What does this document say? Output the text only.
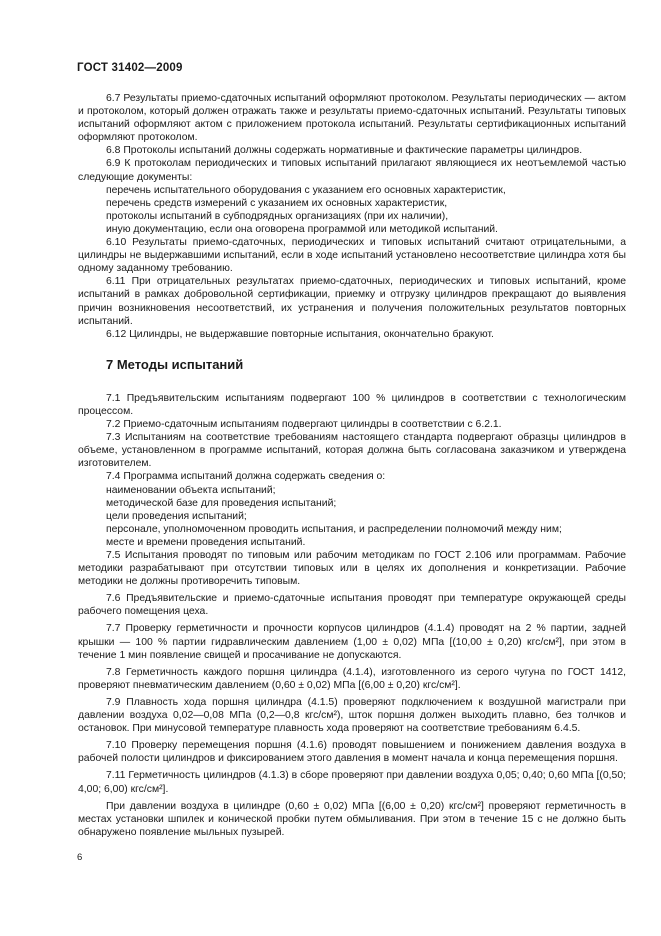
ГОСТ 31402—2009

6.7 Результаты приемо-сдаточных испытаний оформляют протоколом. Результаты периодических — актом и протоколом, который должен отражать также и результаты приемо-сдаточных испытаний. Результаты типовых испытаний оформляют актом с приложением протокола испытаний. Результаты сертификационных испытаний оформляют протоколом.

6.8 Протоколы испытаний должны содержать нормативные и фактические параметры цилиндров.

6.9 К протоколам периодических и типовых испытаний прилагают являющиеся их неотъемлемой частью следующие документы:

перечень испытательного оборудования с указанием его основных характеристик,

перечень средств измерений с указанием их основных характеристик,

протоколы испытаний в субподрядных организациях (при их наличии),

иную документацию, если она оговорена программой или методикой испытаний.

6.10 Результаты приемо-сдаточных, периодических и типовых испытаний считают отрицательными, а цилиндры не выдержавшими испытаний, если в ходе испытаний установлено несоответствие цилиндра хотя бы одному заданному требованию.

6.11 При отрицательных результатах приемо-сдаточных, периодических и типовых испытаний, кроме испытаний в рамках добровольной сертификации, приемку и отгрузку цилиндров прекращают до выявления причин возникновения несоответствий, их устранения и получения положительных результатов повторных испытаний.

6.12 Цилиндры, не выдержавшие повторные испытания, окончательно бракуют.

7 Методы испытаний

7.1 Предъявительским испытаниям подвергают 100 % цилиндров в соответствии с технологическим процессом.

7.2 Приемо-сдаточным испытаниям подвергают цилиндры в соответствии с 6.2.1.

7.3 Испытаниям на соответствие требованиям настоящего стандарта подвергают образцы цилиндров в объеме, установленном в программе испытаний, которая должна быть согласована заказчиком и утверждена изготовителем.

7.4 Программа испытаний должна содержать сведения о:

наименовании объекта испытаний;

методической базе для проведения испытаний;

цели проведения испытаний;

персонале, уполномоченном проводить испытания, и распределении полномочий между ним;

месте и времени проведения испытаний.

7.5 Испытания проводят по типовым или рабочим методикам по ГОСТ 2.106 или программам. Рабочие методики разрабатывают при отсутствии типовых или в целях их дополнения и конкретизации. Рабочие методики не должны противоречить типовым.

7.6 Предъявительские и приемо-сдаточные испытания проводят при температуре окружающей среды рабочего помещения цеха.

7.7 Проверку герметичности и прочности корпусов цилиндров (4.1.4) проводят на 2 % партии, задней крышки — 100 % партии гидравлическим давлением (1,00 ± 0,02) МПа [(10,00 ± 0,20) кгс/см²], при этом в течение 1 мин появление свищей и просачивание не допускаются.

7.8 Герметичность каждого поршня цилиндра (4.1.4), изготовленного из серого чугуна по ГОСТ 1412, проверяют пневматическим давлением (0,60 ± 0,02) МПа [(6,00 ± 0,20) кгс/см²].

7.9 Плавность хода поршня цилиндра (4.1.5) проверяют подключением к воздушной магистрали при давлении воздуха 0,02—0,08 МПа (0,2—0,8 кгс/см²), шток поршня должен выходить плавно, без толчков и остановок. При минусовой температуре плавность хода проверяют на соответствие требованиям 6.4.5.

7.10 Проверку перемещения поршня (4.1.6) проводят повышением и понижением давления воздуха в рабочей полости цилиндров и фиксированием этого давления в момент начала и конца перемещения поршня.

7.11 Герметичность цилиндров (4.1.3) в сборе проверяют при давлении воздуха 0,05; 0,40; 0,60 МПа [(0,50; 4,00; 6,00) кгс/см²].

При давлении воздуха в цилиндре (0,60 ± 0,02) МПа [(6,00 ± 0,20) кгс/см²] проверяют герметичность в местах установки шпилек и конической пробки путем обмыливания. При этом в течение 15 с не должно быть обнаружено появление мыльных пузырей.

6
